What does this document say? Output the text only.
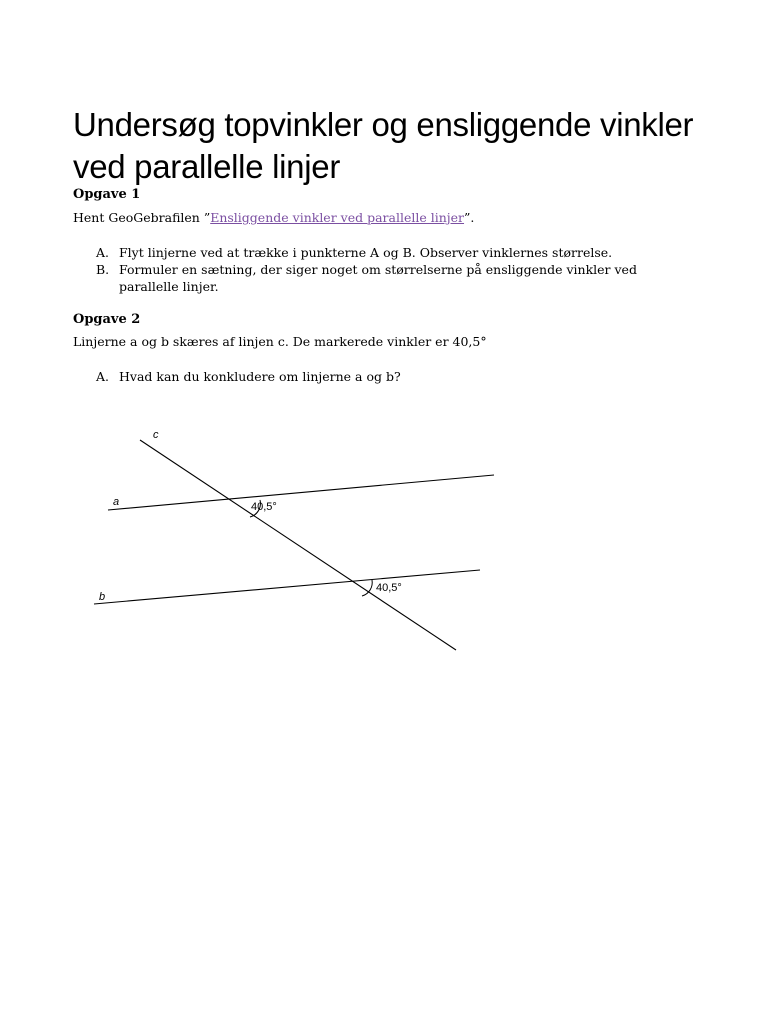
Undersøg topvinkler og ensliggende vinkler ved parallelle linjer
Opgave 1

Hent GeoGebrafilen ”Ensliggende vinkler ved parallelle linjer”.

A. Flyt linjerne ved at trække i punkterne A og B. Observer vinklernes størrelse.
B. Formuler en sætning, der siger noget om størrelserne på ensliggende vinkler ved parallelle linjer.
Opgave 2

Linjerne a og b skæres af linjen c. De markerede vinkler er 40,5°

A. Hvad kan du konkludere om linjerne a og b?
c
a
b
40,5°
40,5°
